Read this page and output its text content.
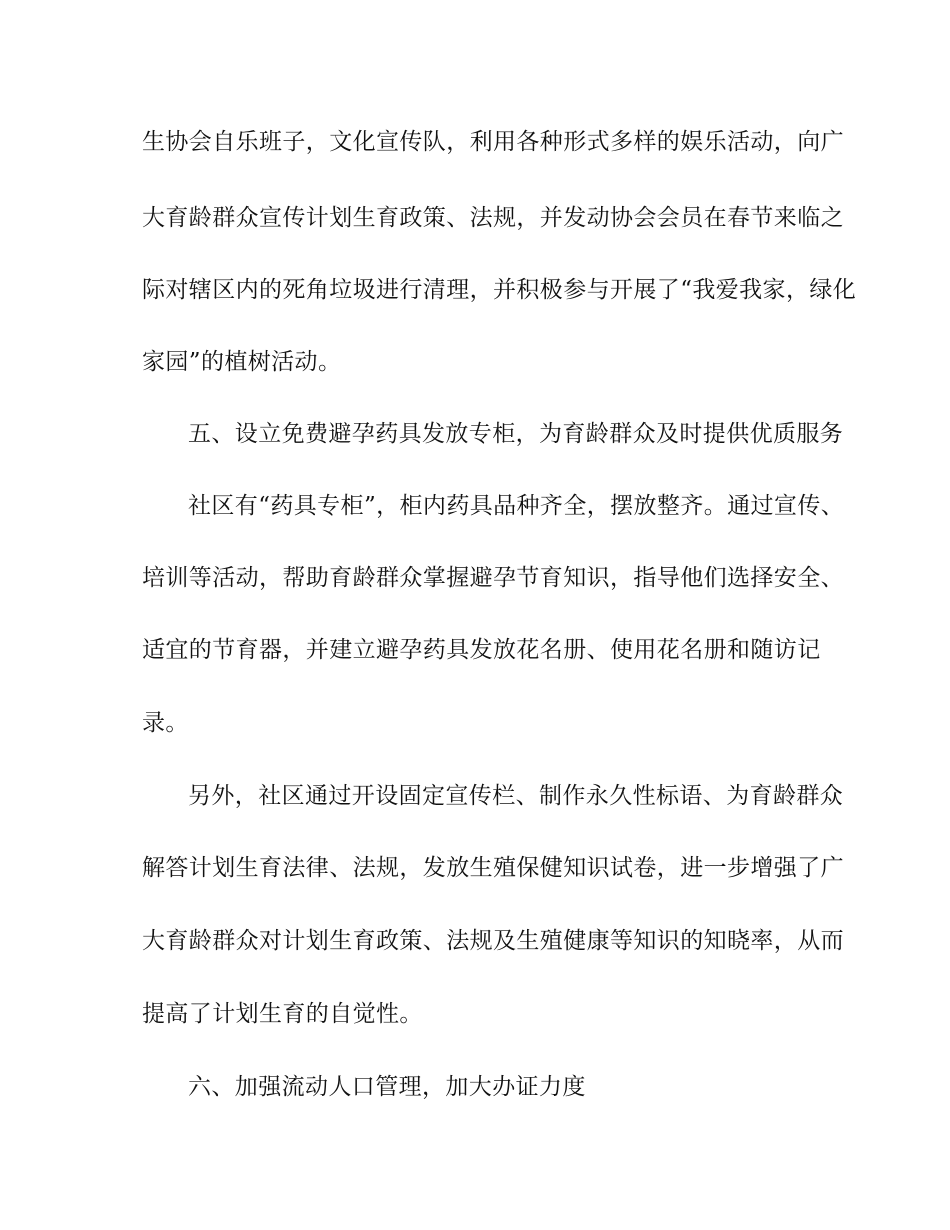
生协会自乐班子，文化宣传队，利用各种形式多样的娱乐活动，向广
大育龄群众宣传计划生育政策、法规，并发动协会会员在春节来临之
际对辖区内的死角垃圾进行清理，并积极参与开展了“我爱我家，绿化
家园”的植树活动。
五、设立免费避孕药具发放专柜，为育龄群众及时提供优质服务
社区有“药具专柜”，柜内药具品种齐全，摆放整齐。通过宣传、
培训等活动，帮助育龄群众掌握避孕节育知识，指导他们选择安全、
适宜的节育器，并建立避孕药具发放花名册、使用花名册和随访记
录。
另外，社区通过开设固定宣传栏、制作永久性标语、为育龄群众
解答计划生育法律、法规，发放生殖保健知识试卷，进一步增强了广
大育龄群众对计划生育政策、法规及生殖健康等知识的知晓率，从而
提高了计划生育的自觉性。
六、加强流动人口管理，加大办证力度
